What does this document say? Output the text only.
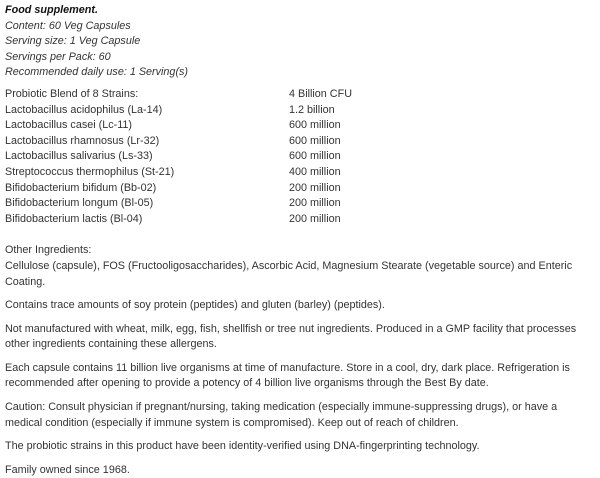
Food supplement.
Content: 60 Veg Capsules
Serving size: 1 Veg Capsule
Servings per Pack: 60
Recommended daily use: 1 Serving(s)
Probiotic Blend of 8 Strains:	4 Billion CFU
Lactobacillus acidophilus (La-14)	1.2 billion
Lactobacillus casei (Lc-11)	600 million
Lactobacillus rhamnosus (Lr-32)	600 million
Lactobacillus salivarius (Ls-33)	600 million
Streptococcus thermophilus (St-21)	400 million
Bifidobacterium bifidum (Bb-02)	200 million
Bifidobacterium longum (Bl-05)	200 million
Bifidobacterium lactis (Bl-04)	200 million
Other Ingredients:
Cellulose (capsule), FOS (Fructooligosaccharides), Ascorbic Acid, Magnesium Stearate (vegetable source) and Enteric Coating.

Contains trace amounts of soy protein (peptides) and gluten (barley) (peptides).

Not manufactured with wheat, milk, egg, fish, shellfish or tree nut ingredients. Produced in a GMP facility that processes other ingredients containing these allergens.

Each capsule contains 11 billion live organisms at time of manufacture. Store in a cool, dry, dark place. Refrigeration is recommended after opening to provide a potency of 4 billion live organisms through the Best By date.

Caution: Consult physician if pregnant/nursing, taking medication (especially immune-suppressing drugs), or have a medical condition (especially if immune system is compromised). Keep out of reach of children.

The probiotic strains in this product have been identity-verified using DNA-fingerprinting technology.

Family owned since 1968.
